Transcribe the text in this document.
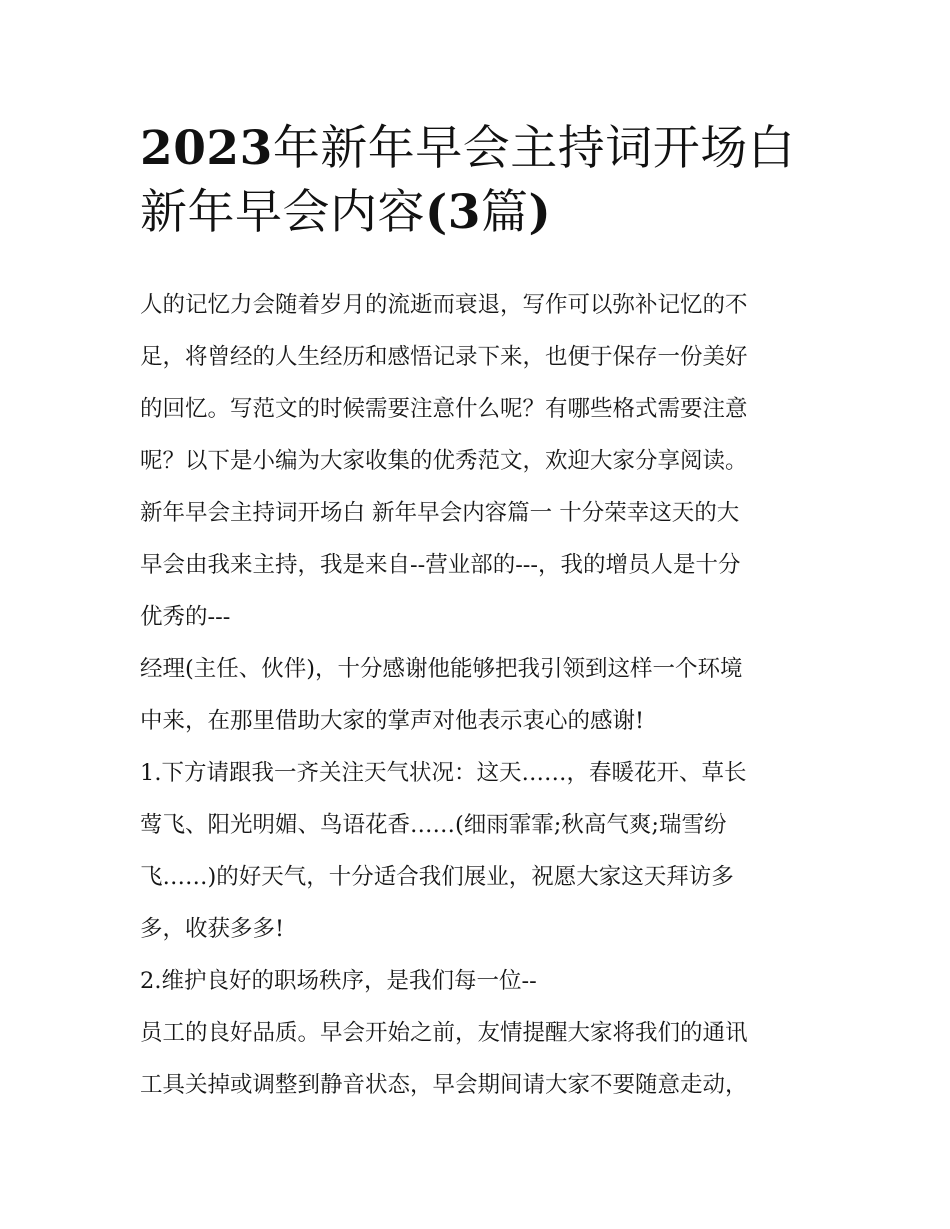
2023年新年早会主持词开场白
新年早会内容(3篇)
人的记忆力会随着岁月的流逝而衰退，写作可以弥补记忆的不
足，将曾经的人生经历和感悟记录下来，也便于保存一份美好
的回忆。写范文的时候需要注意什么呢？有哪些格式需要注意
呢？以下是小编为大家收集的优秀范文，欢迎大家分享阅读。
新年早会主持词开场白 新年早会内容篇一 十分荣幸这天的大
早会由我来主持，我是来自--营业部的---，我的增员人是十分
优秀的---
经理(主任、伙伴)，十分感谢他能够把我引领到这样一个环境
中来，在那里借助大家的掌声对他表示衷心的感谢!
1.下方请跟我一齐关注天气状况：这天……，春暖花开、草长
莺飞、阳光明媚、鸟语花香……(细雨霏霏;秋高气爽;瑞雪纷
飞……)的好天气，十分适合我们展业，祝愿大家这天拜访多
多，收获多多!
2.维护良好的职场秩序，是我们每一位--
员工的良好品质。早会开始之前，友情提醒大家将我们的通讯
工具关掉或调整到静音状态，早会期间请大家不要随意走动，
